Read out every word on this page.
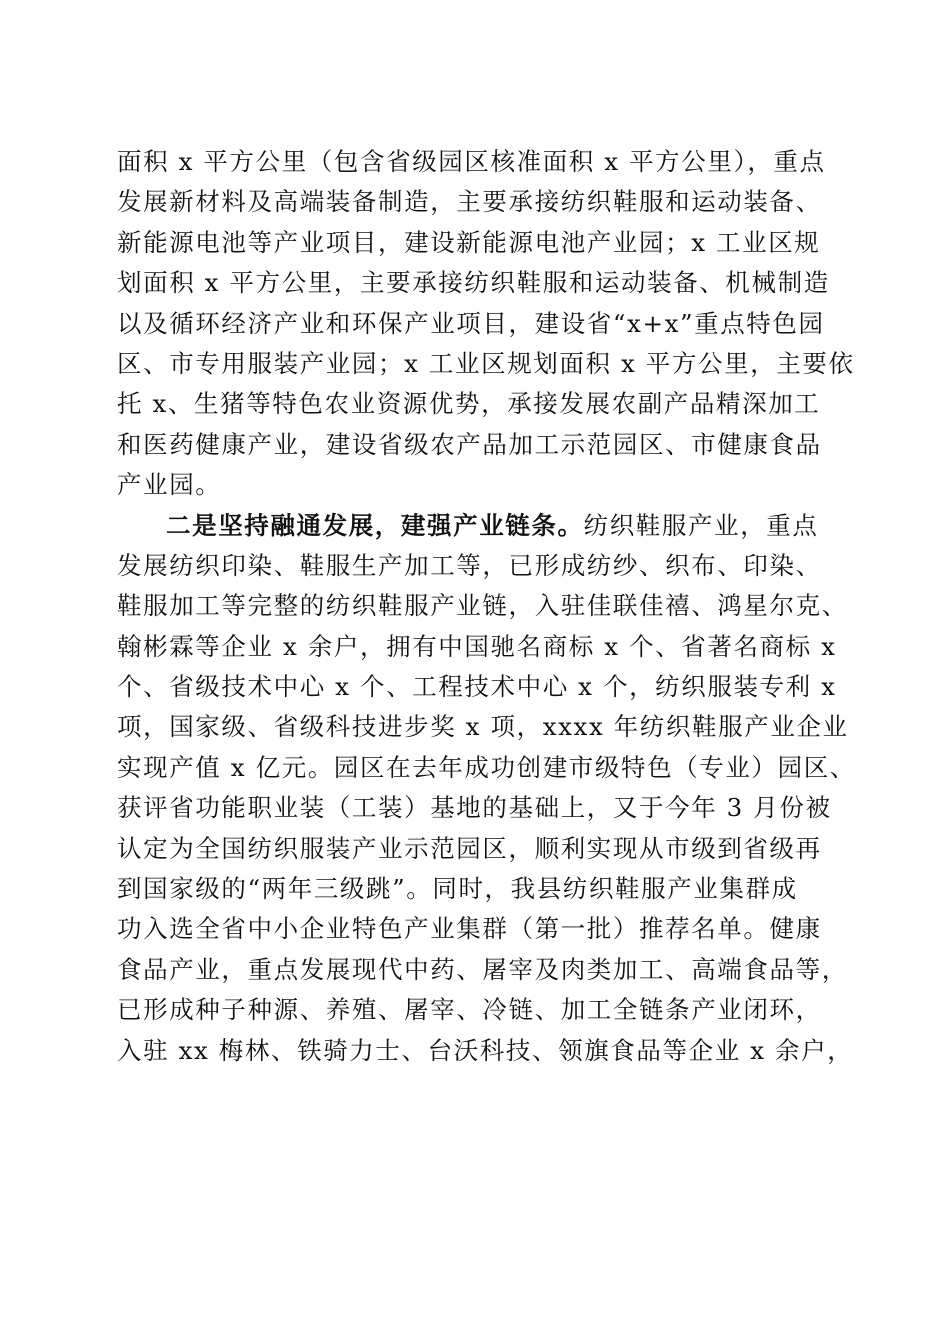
面积 x 平方公里（包含省级园区核准面积 x 平方公里），重点
发展新材料及高端装备制造，主要承接纺织鞋服和运动装备、
新能源电池等产业项目，建设新能源电池产业园；x 工业区规
划面积 x 平方公里，主要承接纺织鞋服和运动装备、机械制造
以及循环经济产业和环保产业项目，建设省“x+x”重点特色园
区、市专用服装产业园；x 工业区规划面积 x 平方公里，主要依
托 x、生猪等特色农业资源优势，承接发展农副产品精深加工
和医药健康产业，建设省级农产品加工示范园区、市健康食品
产业园。
二是坚持融通发展，建强产业链条。纺织鞋服产业，重点
发展纺织印染、鞋服生产加工等，已形成纺纱、织布、印染、
鞋服加工等完整的纺织鞋服产业链，入驻佳联佳禧、鸿星尔克、
翰彬霖等企业 x 余户，拥有中国驰名商标 x 个、省著名商标 x
个、省级技术中心 x 个、工程技术中心 x 个，纺织服装专利 x
项，国家级、省级科技进步奖 x 项，xxxx 年纺织鞋服产业企业
实现产值 x 亿元。园区在去年成功创建市级特色（专业）园区、
获评省功能职业装（工装）基地的基础上，又于今年 3 月份被
认定为全国纺织服装产业示范园区，顺利实现从市级到省级再
到国家级的“两年三级跳”。同时，我县纺织鞋服产业集群成
功入选全省中小企业特色产业集群（第一批）推荐名单。健康
食品产业，重点发展现代中药、屠宰及肉类加工、高端食品等，
已形成种子种源、养殖、屠宰、冷链、加工全链条产业闭环，
入驻 xx 梅林、铁骑力士、台沃科技、领旗食品等企业 x 余户，
